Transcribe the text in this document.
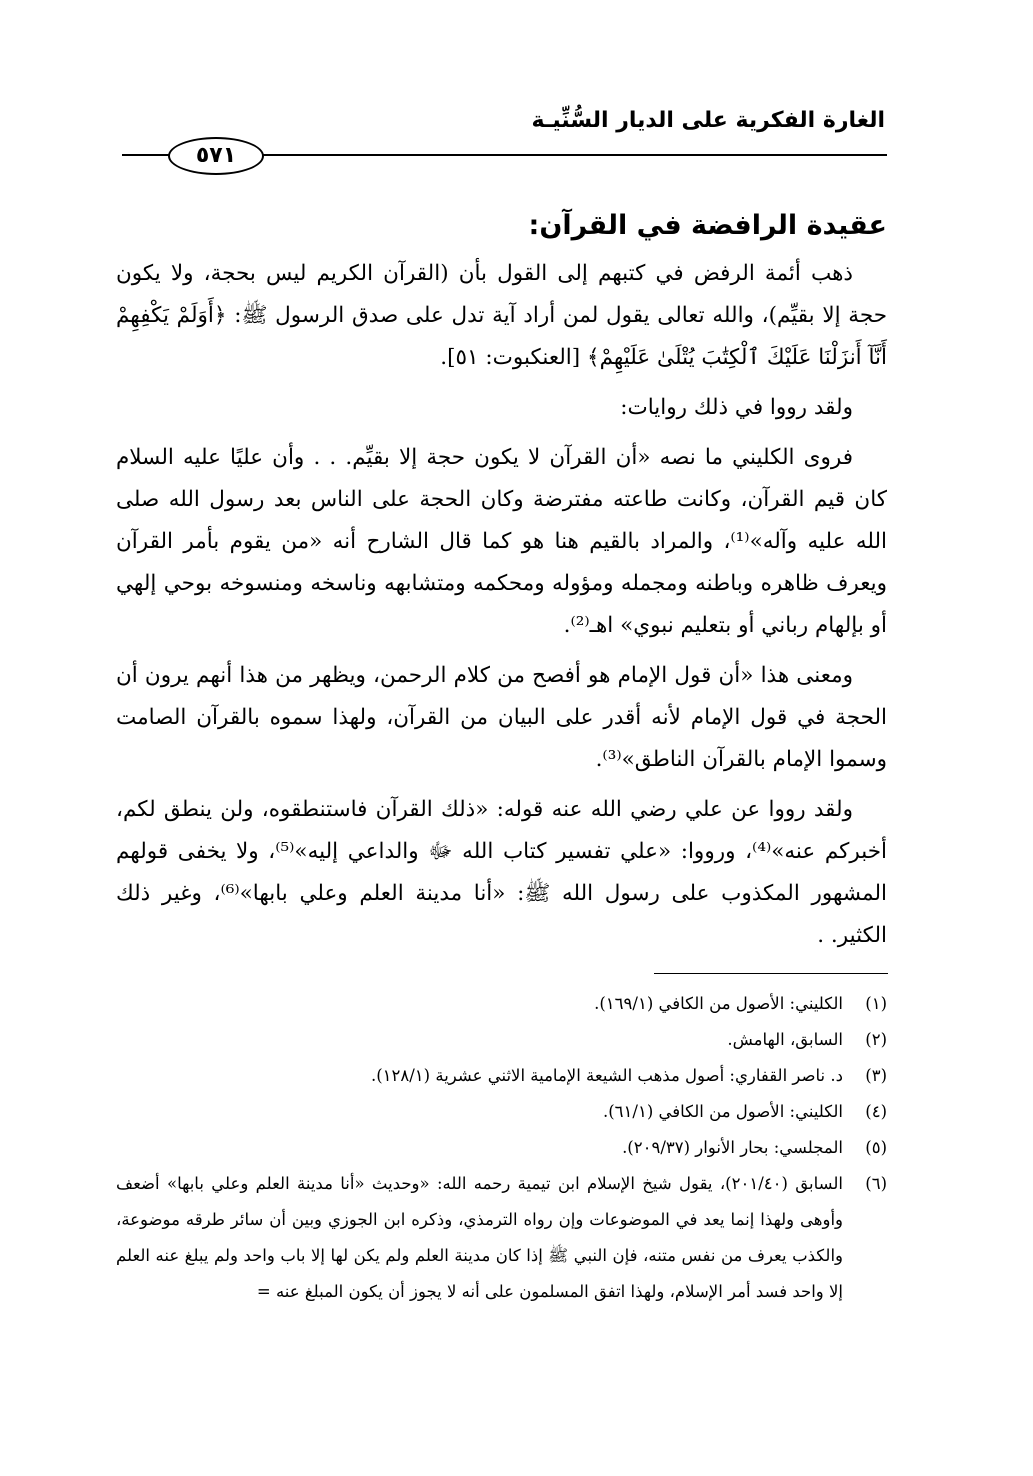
الغارة الفكرية على الديار السُّنِّيـة
٥٧١
عقيدة الرافضة في القرآن:

ذهب أئمة الرفض في كتبهم إلى القول بأن (القرآن الكريم ليس بحجة، ولا يكون حجة إلا بقيِّم)، والله تعالى يقول لمن أراد آية تدل على صدق الرسول ﷺ: ﴿أَوَلَمْ يَكْفِهِمْ أَنَّآ أَنزَلْنَا عَلَيْكَ ٱلْكِتَٰبَ يُتْلَىٰ عَلَيْهِمْ﴾ [العنكبوت: ٥١].

ولقد رووا في ذلك روايات:

فروى الكليني ما نصه «أن القرآن لا يكون حجة إلا بقيِّم. . . وأن عليًا عليه السلام كان قيم القرآن، وكانت طاعته مفترضة وكان الحجة على الناس بعد رسول الله صلى الله عليه وآله»⁽¹⁾، والمراد بالقيم هنا هو كما قال الشارح أنه «من يقوم بأمر القرآن ويعرف ظاهره وباطنه ومجمله ومؤوله ومحكمه ومتشابهه وناسخه ومنسوخه بوحي إلهي أو بإلهام رباني أو بتعليم نبوي» اهـ⁽²⁾.

ومعنى هذا «أن قول الإمام هو أفصح من كلام الرحمن، ويظهر من هذا أنهم يرون أن الحجة في قول الإمام لأنه أقدر على البيان من القرآن، ولهذا سموه بالقرآن الصامت وسموا الإمام بالقرآن الناطق»⁽³⁾.

ولقد رووا عن علي رضي الله عنه قوله: «ذلك القرآن فاستنطقوه، ولن ينطق لكم، أخبركم عنه»⁽⁴⁾، ورووا: «علي تفسير كتاب الله ﷻ والداعي إليه»⁽⁵⁾، ولا يخفى قولهم المشهور المكذوب على رسول الله ﷺ: «أنا مدينة العلم وعلي بابها»⁽⁶⁾، وغير ذلك الكثير. .

(١)
الكليني: الأصول من الكافي (١٦٩/١).
(٢)
السابق، الهامش.
(٣)
د. ناصر القفاري: أصول مذهب الشيعة الإمامية الاثني عشرية (١٢٨/١).
(٤)
الكليني: الأصول من الكافي (٦١/١).
(٥)
المجلسي: بحار الأنوار (٢٠٩/٣٧).
(٦)
السابق (٢٠١/٤٠)، يقول شيخ الإسلام ابن تيمية رحمه الله: «وحديث «أنا مدينة العلم وعلي بابها» أضعف وأوهى ولهذا إنما يعد في الموضوعات وإن رواه الترمذي، وذكره ابن الجوزي وبين أن سائر طرقه موضوعة، والكذب يعرف من نفس متنه، فإن النبي ﷺ إذا كان مدينة العلم ولم يكن لها إلا باب واحد ولم يبلغ عنه العلم إلا واحد فسد أمر الإسلام، ولهذا اتفق المسلمون على أنه لا يجوز أن يكون المبلغ عنه =
